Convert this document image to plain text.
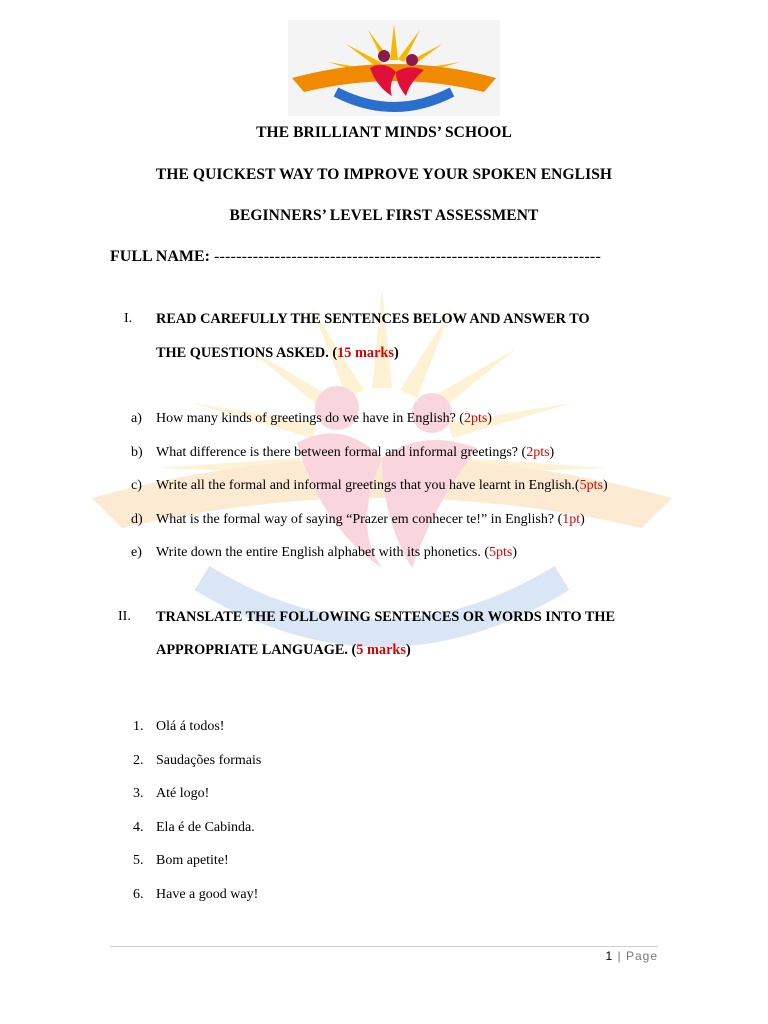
THE BRILLIANT MINDS’ SCHOOL
THE QUICKEST WAY TO IMPROVE YOUR SPOKEN ENGLISH
BEGINNERS’ LEVEL FIRST ASSESSMENT
FULL NAME: ----------------------------------------------------------------------
I. READ CAREFULLY THE SENTENCES BELOW AND ANSWER TO
THE QUESTIONS ASKED. (15 marks)
a) How many kinds of greetings do we have in English? (2pts)
b) What difference is there between formal and informal greetings? (2pts)
c) Write all the formal and informal greetings that you have learnt in English.(5pts)
d) What is the formal way of saying “Prazer em conhecer te!” in English? (1pt)
e) Write down the entire English alphabet with its phonetics. (5pts)
II. TRANSLATE THE FOLLOWING SENTENCES OR WORDS INTO THE
APPROPRIATE LANGUAGE. (5 marks)
1. Olá á todos!
2. Saudações formais
3. Até logo!
4. Ela é de Cabinda.
5. Bom apetite!
6. Have a good way!
1 | Page
